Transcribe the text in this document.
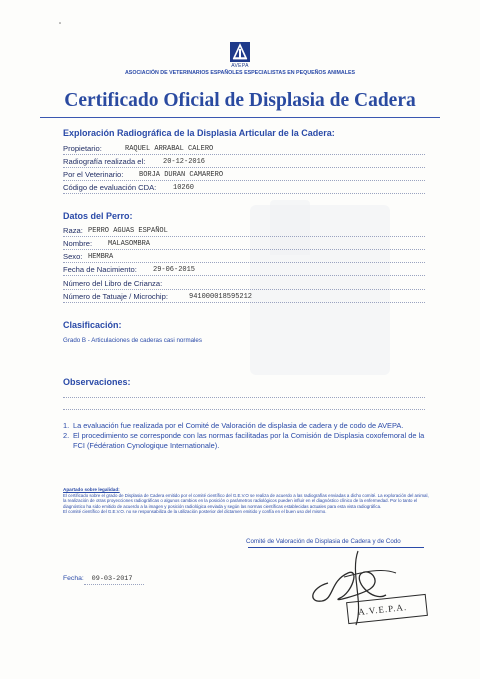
AVEPA
ASOCIACIÓN DE VETERINARIOS ESPAÑOLES ESPECIALISTAS EN PEQUEÑOS ANIMALES
Certificado Oficial de Displasia de Cadera
Exploración Radiográfica de la Displasia Articular de la Cadera:
Propietario:	RAQUEL ARRABAL CALERO
Radiografía realizada el:	20-12-2016
Por el Veterinario: BORJA DURAN CAMARERO
Código de evaluación CDA: 10260
Datos del Perro:
Raza: PERRO AGUAS ESPAÑOL
Nombre: MALASOMBRA
Sexo: HEMBRA
Fecha de Nacimiento: 29-06-2015
Número del Libro de Crianza:
Número de Tatuaje / Microchip:	941000018595212
Clasificación:
Grado B - Articulaciones de caderas casi normales
Observaciones:

1. La evaluación fue realizada por el Comité de Valoración de displasia de cadera y de codo de AVEPA.

2. El procedimiento se corresponde con las normas facilitadas por la Comisión de Displasia coxofemoral de la FCI (Fédération Cynologique Internationale).

Apartado sobre legalidad:
El certificado sobre el grado de Displasia de Cadera emitido por el comité científico del G.E.V.O se realiza de acuerdo a las radiografías enviadas a dicho comité. La exploración del animal, la realización de otras proyecciones radiográficas o algunos cambios en la posición o parámetros radiológicos pueden influir en el diagnóstico clínico de la enfermedad. Por lo tanto el diagnóstico ha sido emitido de acuerdo a la imagen y posición radiológica enviada y según las normas científicas establecidas actuales para esta vista radiográfica.
El comité científico del G.E.V.O. no se responsabiliza de la utilización posterior del dictamen emitido y confía en el buen uso del mismo.
Comité de Valoración de Displasia de Cadera y de Codo
Fecha: 09-03-2017
A.V.E.P.A.
